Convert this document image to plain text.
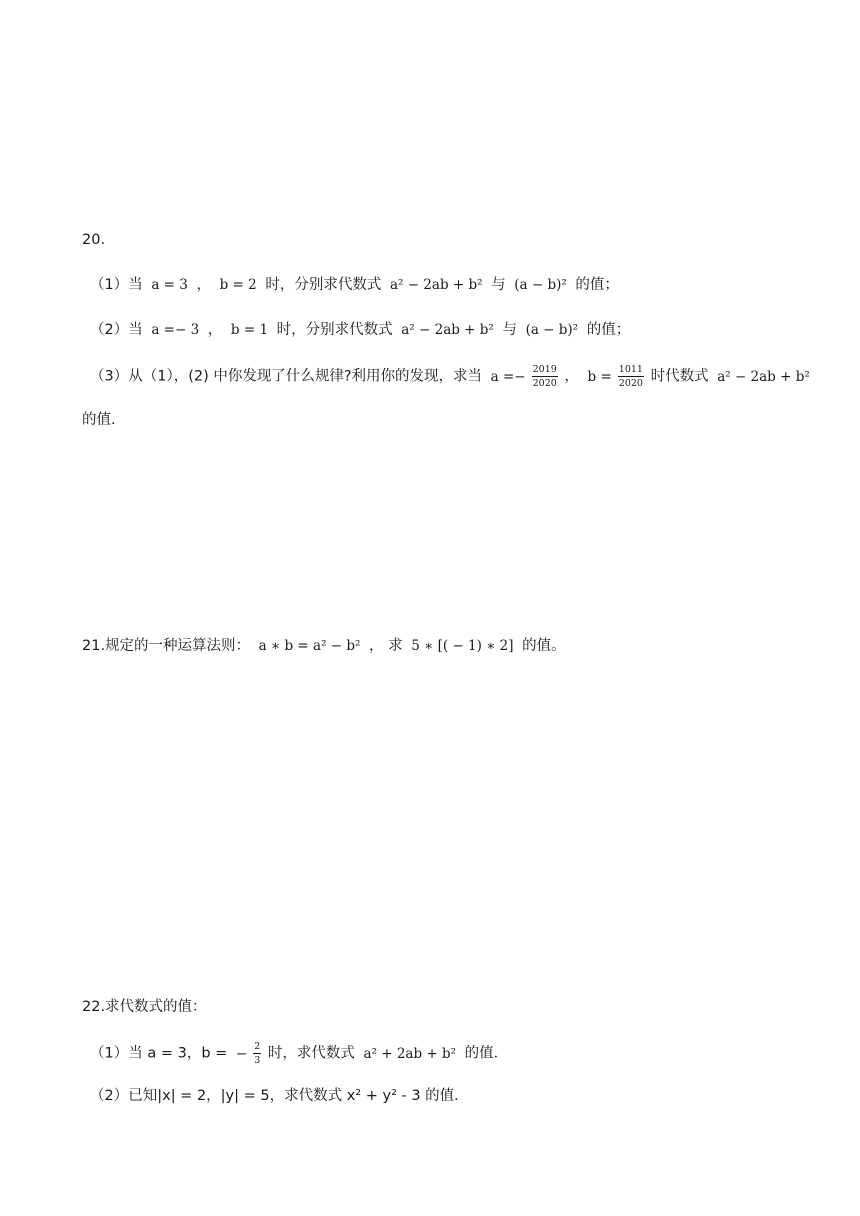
20.
（1）当 a = 3 ， b = 2 时，分别求代数式 a² − 2ab + b² 与 (a − b)² 的值；
（2）当 a =− 3 ， b = 1 时，分别求代数式 a² − 2ab + b² 与 (a − b)² 的值；
（3）从（1），(2) 中你发现了什么规律?利用你的发现，求当 $a =- \frac{2019}{2020}$ ， $b = \frac{1011}{2020}$ 时代数式 a² − 2ab + b²
的值.
21.规定的一种运算法则： a ∗ b = a² − b² ， 求 5 ∗ [( − 1) ∗ 2] 的值。
22.求代数式的值：
（1）当 a = 3，b = − $\frac{2}{3}$ 时，求代数式 a² + 2ab + b² 的值．
（2）已知|x| = 2，|y| = 5，求代数式 x² + y² - 3 的值．
